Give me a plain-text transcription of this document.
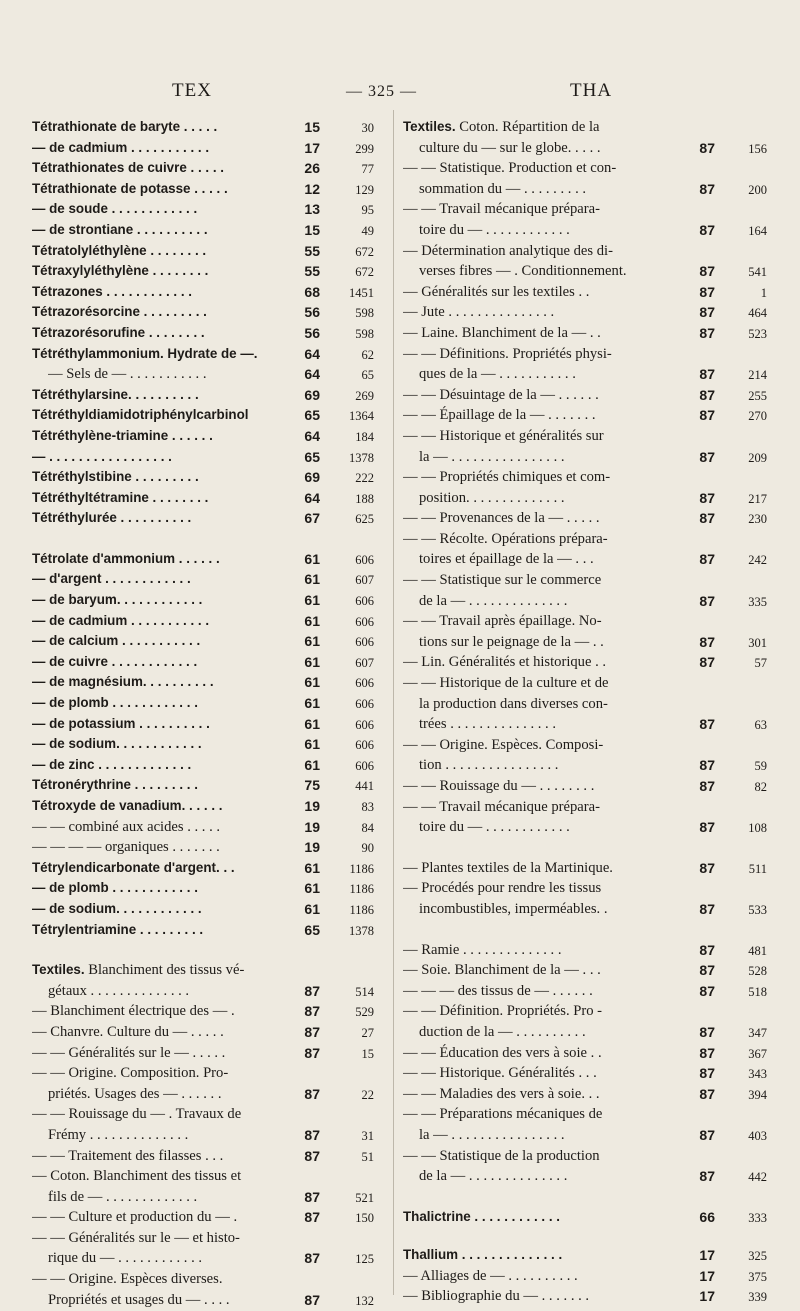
TEX	— 325 —	THA
Tétrathionate de baryte . . . . .	15	30
— de cadmium . . . . . . . . . . .	17	299
Tétrathionates de cuivre . . . . .	26	77
Tétrathionate de potasse . . . . .	12	129
— de soude . . . . . . . . . . . .	13	95
— de strontiane . . . . . . . . . .	15	49
Tétratolyléthylène . . . . . . . .	55	672
Tétraxylyléthylène . . . . . . . .	55	672
Tétrazones . . . . . . . . . . . .	68	1451
Tétrazorésorcine . . . . . . . . .	56	598
Tétrazorésorufine . . . . . . . .	56	598
Tétréthylammonium. Hydrate de —.	64	62
— Sels de — . . . . . . . . . . .	64	65
Tétréthylarsine. . . . . . . . . .	69	269
Tétréthyldiamidotriphénylcarbinol	65	1364
Tétréthylène-triamine . . . . . .	64	184
— . . . . . . . . . . . . . . . . .	65	1378
Tétréthylstibine . . . . . . . . .	69	222
Tétréthyltétramine . . . . . . . .	64	188
Tétréthylurée . . . . . . . . . .	67	625
Tétrolate d'ammonium . . . . . .	61	606
— d'argent . . . . . . . . . . . .	61	607
— de baryum. . . . . . . . . . . .	61	606
— de cadmium . . . . . . . . . . .	61	606
— de calcium . . . . . . . . . . .	61	606
— de cuivre . . . . . . . . . . . .	61	607
— de magnésium. . . . . . . . . .	61	606
— de plomb . . . . . . . . . . . .	61	606
— de potassium . . . . . . . . . .	61	606
— de sodium. . . . . . . . . . . .	61	606
— de zinc . . . . . . . . . . . . .	61	606
Tétronérythrine . . . . . . . . .	75	441
Tétroxyde de vanadium. . . . . .	19	83
— — combiné aux acides . . . . .	19	84
— — — — organiques . . . . . . .	19	90
Tétrylendicarbonate d'argent. . .	61	1186
— de plomb . . . . . . . . . . . .	61	1186
— de sodium. . . . . . . . . . . .	61	1186
Tétrylentriamine . . . . . . . . .	65	1378
Textiles. Blanchiment des tissus vé-
gétaux . . . . . . . . . . . . . .	87	514
— Blanchiment électrique des — .	87	529
— Chanvre. Culture du — . . . . .	87	27
— — Généralités sur le — . . . . .	87	15
— — Origine. Composition. Pro-
priétés. Usages des — . . . . . .	87	22
— — Rouissage du — . Travaux de
Frémy . . . . . . . . . . . . . .	87	31
— — Traitement des filasses . . .	87	51
— Coton. Blanchiment des tissus et
fils de — . . . . . . . . . . . . .	87	521
— — Culture et production du — .	87	150
— — Généralités sur le — et histo-
rique du — . . . . . . . . . . . .	87	125
— — Origine. Espèces diverses.
Propriétés et usages du — . . . .	87	132
Textiles. Coton. Répartition de la
culture du — sur le globe. . . . .	87	156
— — Statistique. Production et con-
sommation du — . . . . . . . . .	87	200
— — Travail mécanique prépara-
toire du — . . . . . . . . . . . .	87	164
— Détermination analytique des di-
verses fibres — . Conditionnement.	87	541
— Généralités sur les textiles . .	87	1
— Jute . . . . . . . . . . . . . . .	87	464
— Laine. Blanchiment de la — . .	87	523
— — Définitions. Propriétés physi-
ques de la — . . . . . . . . . . .	87	214
— — Désuintage de la — . . . . . .	87	255
— — Épaillage de la — . . . . . . .	87	270
— — Historique et généralités sur
la — . . . . . . . . . . . . . . . .	87	209
— — Propriétés chimiques et com-
position. . . . . . . . . . . . . .	87	217
— — Provenances de la — . . . . .	87	230
— — Récolte. Opérations prépara-
toires et épaillage de la — . . .	87	242
— — Statistique sur le commerce
de la — . . . . . . . . . . . . . .	87	335
— — Travail après épaillage. No-
tions sur le peignage de la — . .	87	301
— Lin. Généralités et historique . .	87	57
— — Historique de la culture et de
la production dans diverses con-
trées . . . . . . . . . . . . . . .	87	63
— — Origine. Espèces. Composi-
tion . . . . . . . . . . . . . . . .	87	59
— — Rouissage du — . . . . . . . .	87	82
— — Travail mécanique prépara-
toire du — . . . . . . . . . . . .	87	108
— Plantes textiles de la Martinique.	87	511
— Procédés pour rendre les tissus
incombustibles, imperméables. .	87	533
— Ramie . . . . . . . . . . . . . .	87	481
— Soie. Blanchiment de la — . . .	87	528
— — — des tissus de — . . . . . .	87	518
— — Définition. Propriétés. Pro -
duction de la — . . . . . . . . . .	87	347
— — Éducation des vers à soie . .	87	367
— — Historique. Généralités . . .	87	343
— — Maladies des vers à soie. . .	87	394
— — Préparations mécaniques de
la — . . . . . . . . . . . . . . . .	87	403
— — Statistique de la production
de la — . . . . . . . . . . . . . .	87	442
Thalictrine . . . . . . . . . . . .	66	333
Thallium . . . . . . . . . . . . . .	17	325
— Alliages de — . . . . . . . . . .	17	375
— Bibliographie du — . . . . . . .	17	339
